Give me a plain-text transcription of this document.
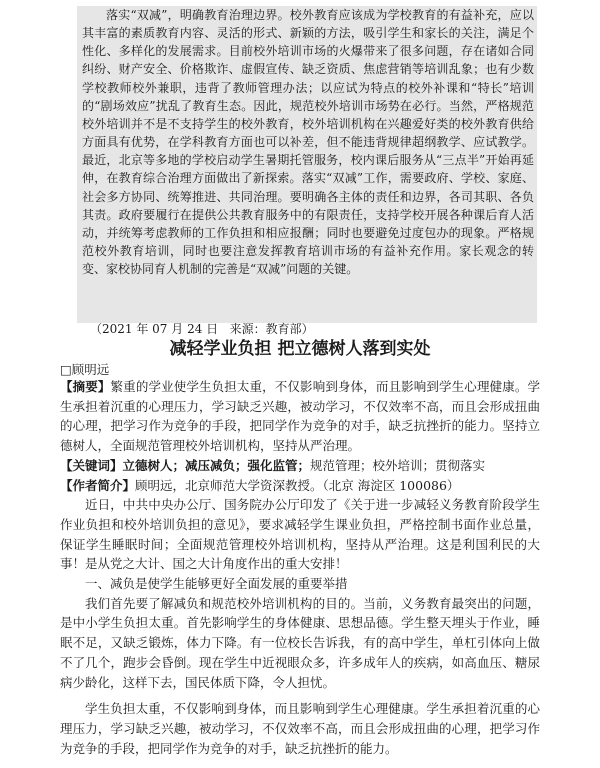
落实“双减”，明确教育治理边界。校外教育应该成为学校教育的有益补充，应以其丰富的素质教育内容、灵活的形式、新颖的方法，吸引学生和家长的关注，满足个性化、多样化的发展需求。目前校外培训市场的火爆带来了很多问题，存在诸如合同纠纷、财产安全、价格欺诈、虚假宣传、缺乏资质、焦虑营销等培训乱象；也有少数学校教师校外兼职，违背了教师管理办法；以应试为特点的校外补课和“特长”培训的“剧场效应”扰乱了教育生态。因此，规范校外培训市场势在必行。当然，严格规范校外培训并不是不支持学生的校外教育，校外培训机构在兴趣爱好类的校外教育供给方面具有优势，在学科教育方面也可以补差，但不能违背规律超纲教学、应试教学。最近，北京等多地的学校启动学生暑期托管服务，校内课后服务从“三点半”开始再延伸，在教育综合治理方面做出了新探索。落实“双减”工作，需要政府、学校、家庭、社会多方协同、统筹推进、共同治理。要明确各主体的责任和边界，各司其职、各负其责。政府要履行在提供公共教育服务中的有限责任，支持学校开展各种课后育人活动，并统筹考虑教师的工作负担和相应报酬；同时也要避免过度包办的现象。严格规范校外教育培训，同时也要注意发挥教育培训市场的有益补充作用。家长观念的转变、家校协同育人机制的完善是“双减”问题的关键。

（2021 年 07 月 24 日   来源：教育部）
减轻学业负担 把立德树人落到实处
□顾明远

【摘要】繁重的学业使学生负担太重，不仅影响到身体，而且影响到学生心理健康。学生承担着沉重的心理压力，学习缺乏兴趣，被动学习，不仅效率不高，而且会形成扭曲的心理，把学习作为竞争的手段，把同学作为竞争的对手，缺乏抗挫折的能力。坚持立德树人，全面规范管理校外培训机构，坚持从严治理。

【关键词】立德树人；减压减负；强化监管；规范管理；校外培训；贯彻落实

【作者简介】顾明远，北京师范大学资深教授。（北京 海淀区 100086）

近日，中共中央办公厅、国务院办公厅印发了《关于进一步减轻义务教育阶段学生作业负担和校外培训负担的意见》，要求减轻学生课业负担，严格控制书面作业总量，保证学生睡眠时间；全面规范管理校外培训机构，坚持从严治理。这是利国利民的大事！是从党之大计、国之大计角度作出的重大安排！

一、减负是使学生能够更好全面发展的重要举措

我们首先要了解减负和规范校外培训机构的目的。当前，义务教育最突出的问题，是中小学生负担太重。首先影响学生的身体健康、思想品德。学生整天埋头于作业，睡眠不足，又缺乏锻炼，体力下降。有一位校长告诉我，有的高中学生，单杠引体向上做不了几个，跑步会昏倒。现在学生中近视眼众多，许多成年人的疾病，如高血压、糖尿病少龄化，这样下去，国民体质下降，令人担忧。

学生负担太重，不仅影响到身体，而且影响到学生心理健康。学生承担着沉重的心理压力，学习缺乏兴趣，被动学习，不仅效率不高，而且会形成扭曲的心理，把学习作为竞争的手段，把同学作为竞争的对手，缺乏抗挫折的能力。
